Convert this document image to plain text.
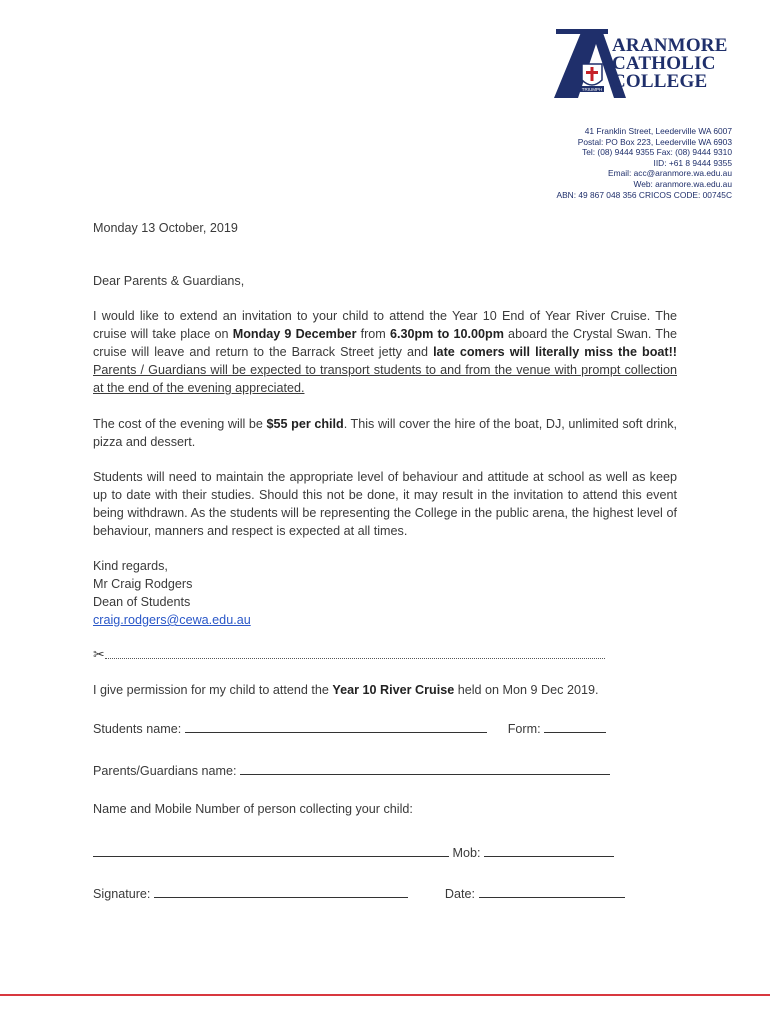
TRIUMPH
ARANMORE
CATHOLIC
COLLEGE
41 Franklin Street, Leederville WA 6007
Postal: PO Box 223, Leederville WA 6903
Tel: (08) 9444 9355 Fax: (08) 9444 9310
IID: +61 8 9444 9355
Email: acc@aranmore.wa.edu.au
Web: aranmore.wa.edu.au
ABN: 49 867 048 356 CRICOS CODE: 00745C
Monday 13 October, 2019
Dear Parents & Guardians,
I would like to extend an invitation to your child to attend the Year 10 End of Year River Cruise. The cruise will take place on Monday 9 December from 6.30pm to 10.00pm aboard the Crystal Swan. The cruise will leave and return to the Barrack Street jetty and late comers will literally miss the boat!! Parents / Guardians will be expected to transport students to and from the venue with prompt collection at the end of the evening appreciated.
The cost of the evening will be $55 per child. This will cover the hire of the boat, DJ, unlimited soft drink, pizza and dessert.
Students will need to maintain the appropriate level of behaviour and attitude at school as well as keep up to date with their studies. Should this not be done, it may result in the invitation to attend this event being withdrawn. As the students will be representing the College in the public arena, the highest level of behaviour, manners and respect is expected at all times.
Kind regards,
Mr Craig Rodgers
Dean of Students
craig.rodgers@cewa.edu.au
✂
I give permission for my child to attend the Year 10 River Cruise held on Mon 9 Dec 2019.
Students name:	Form:
Parents/Guardians name:
Name and Mobile Number of person collecting your child:
Mob:
Signature:	Date:
